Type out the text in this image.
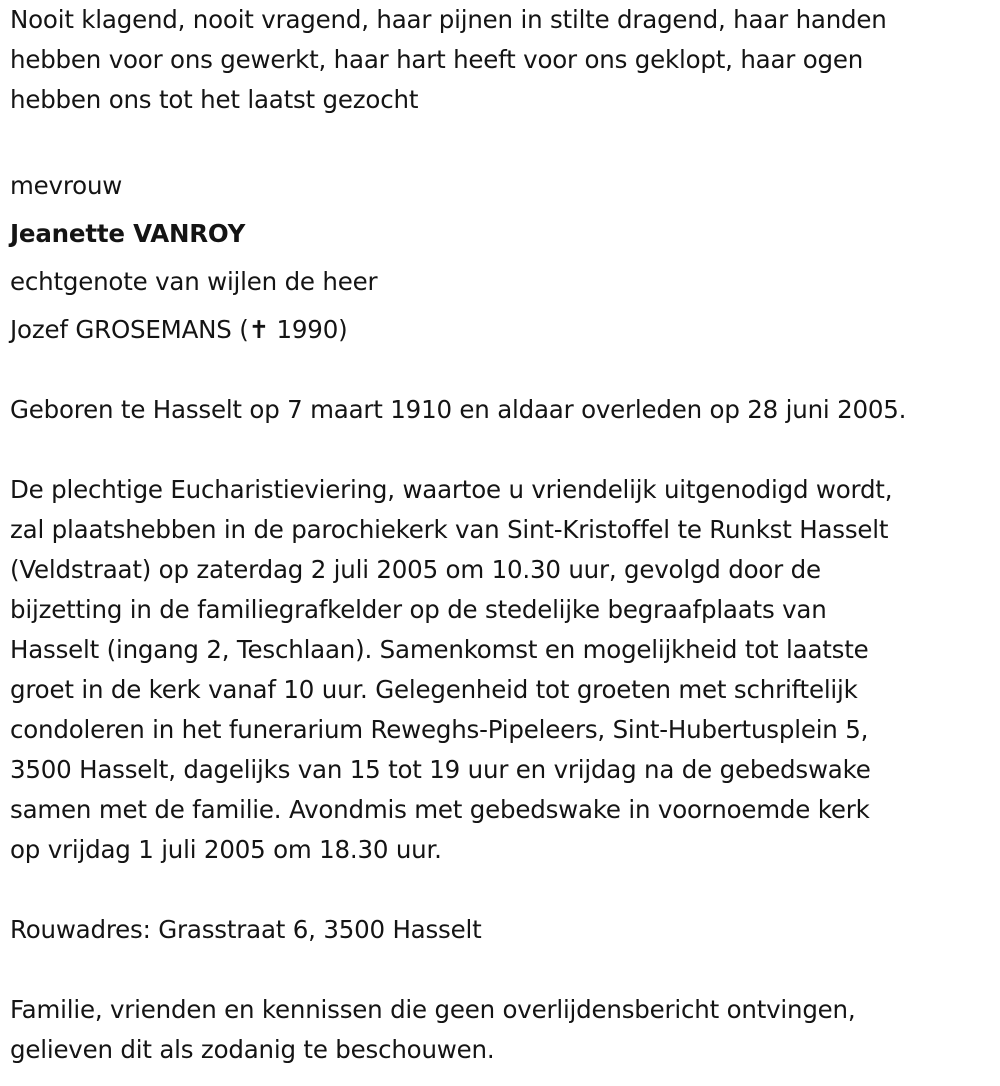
Nooit klagend, nooit vragend, haar pijnen in stilte dragend, haar handen
hebben voor ons gewerkt, haar hart heeft voor ons geklopt, haar ogen
hebben ons tot het laatst gezocht

mevrouw

Jeanette VANROY

echtgenote van wijlen de heer

Jozef GROSEMANS (✝ 1990)

Geboren te Hasselt op 7 maart 1910 en aldaar overleden op 28 juni 2005.

De plechtige Eucharistieviering, waartoe u vriendelijk uitgenodigd wordt,
zal plaatshebben in de parochiekerk van Sint-Kristoffel te Runkst Hasselt
(Veldstraat) op zaterdag 2 juli 2005 om 10.30 uur, gevolgd door de
bijzetting in de familiegrafkelder op de stedelijke begraafplaats van
Hasselt (ingang 2, Teschlaan). Samenkomst en mogelijkheid tot laatste
groet in de kerk vanaf 10 uur. Gelegenheid tot groeten met schriftelijk
condoleren in het funerarium Reweghs-Pipeleers, Sint-Hubertusplein 5,
3500 Hasselt, dagelijks van 15 tot 19 uur en vrijdag na de gebedswake
samen met de familie. Avondmis met gebedswake in voornoemde kerk
op vrijdag 1 juli 2005 om 18.30 uur.

Rouwadres: Grasstraat 6, 3500 Hasselt

Familie, vrienden en kennissen die geen overlijdensbericht ontvingen,
gelieven dit als zodanig te beschouwen.
